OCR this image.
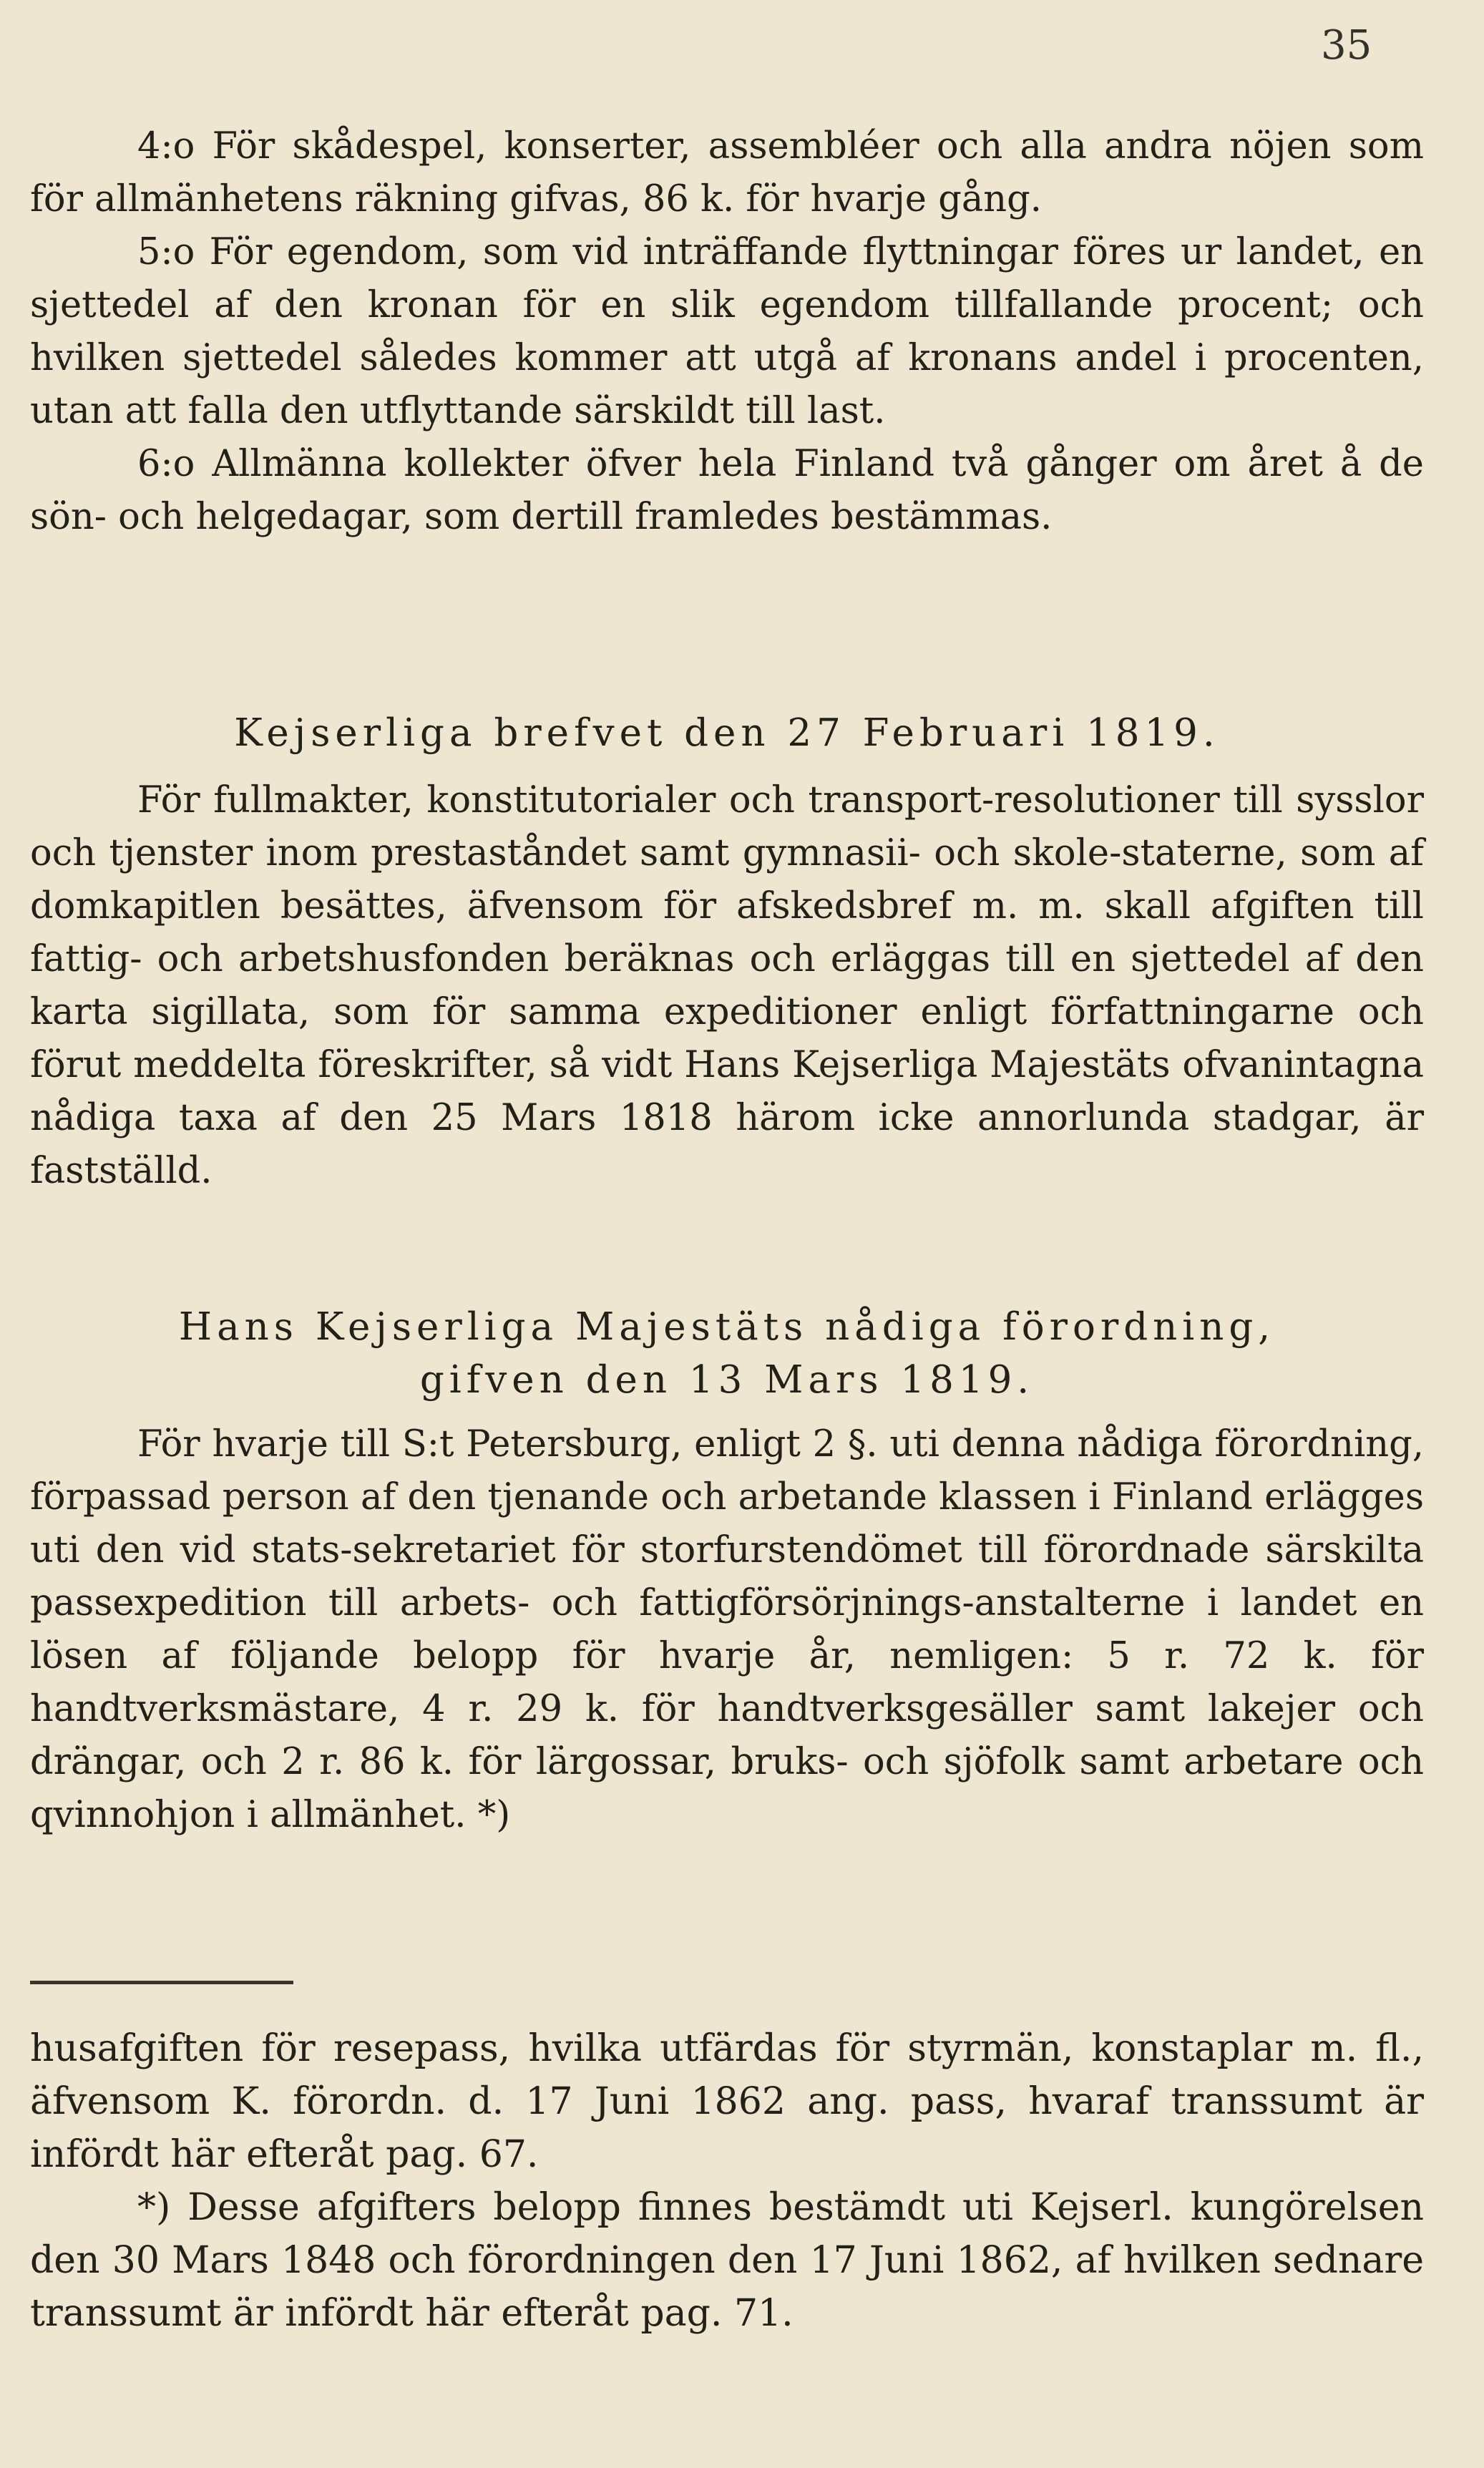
35

4:o För skådespel, konserter, assembléer och alla andra nöjen som för allmänhetens räkning gifvas, 86 k. för hvarje gång.

5:o För egendom, som vid inträffande flyttningar föres ur landet, en sjettedel af den kronan för en slik egendom tillfallande procent; och hvilken sjettedel således kommer att utgå af kronans andel i procenten, utan att falla den utflyttande särskildt till last.

6:o Allmänna kollekter öfver hela Finland två gånger om året å de sön- och helgedagar, som dertill framledes bestämmas.

Kejserliga brefvet den 27 Februari 1819.

För fullmakter, konstitutorialer och transport-resolutioner till sysslor och tjenster inom prestaståndet samt gymnasii- och skole-staterne, som af domkapitlen besättes, äfvensom för afskedsbref m. m. skall afgiften till fattig- och arbetshusfonden beräknas och erläggas till en sjettedel af den karta sigillata, som för samma expeditioner enligt författningarne och förut meddelta föreskrifter, så vidt Hans Kejserliga Majestäts ofvanintagna nådiga taxa af den 25 Mars 1818 härom icke annorlunda stadgar, är fastställd.

Hans Kejserliga Majestäts nådiga förordning,
gifven den 13 Mars 1819.

För hvarje till S:t Petersburg, enligt 2 §. uti denna nådiga förordning, förpassad person af den tjenande och arbetande klassen i Finland erlägges uti den vid stats-sekretariet för storfurstendömet till förordnade särskilta passexpedition till arbets- och fattigförsörjnings-anstalterne i landet en lösen af följande belopp för hvarje år, nemligen: 5 r. 72 k. för handtverksmästare, 4 r. 29 k. för handtverksgesäller samt lakejer och drängar, och 2 r. 86 k. för lärgossar, bruks- och sjöfolk samt arbetare och qvinnohjon i allmänhet. *)

husafgiften för resepass, hvilka utfärdas för styrmän, konstaplar m. fl., äfvensom K. förordn. d. 17 Juni 1862 ang. pass, hvaraf transsumt är infördt här efteråt pag. 67.

*) Desse afgifters belopp finnes bestämdt uti Kejserl. kungörelsen den 30 Mars 1848 och förordningen den 17 Juni 1862, af hvilken sednare transsumt är infördt här efteråt pag. 71.
